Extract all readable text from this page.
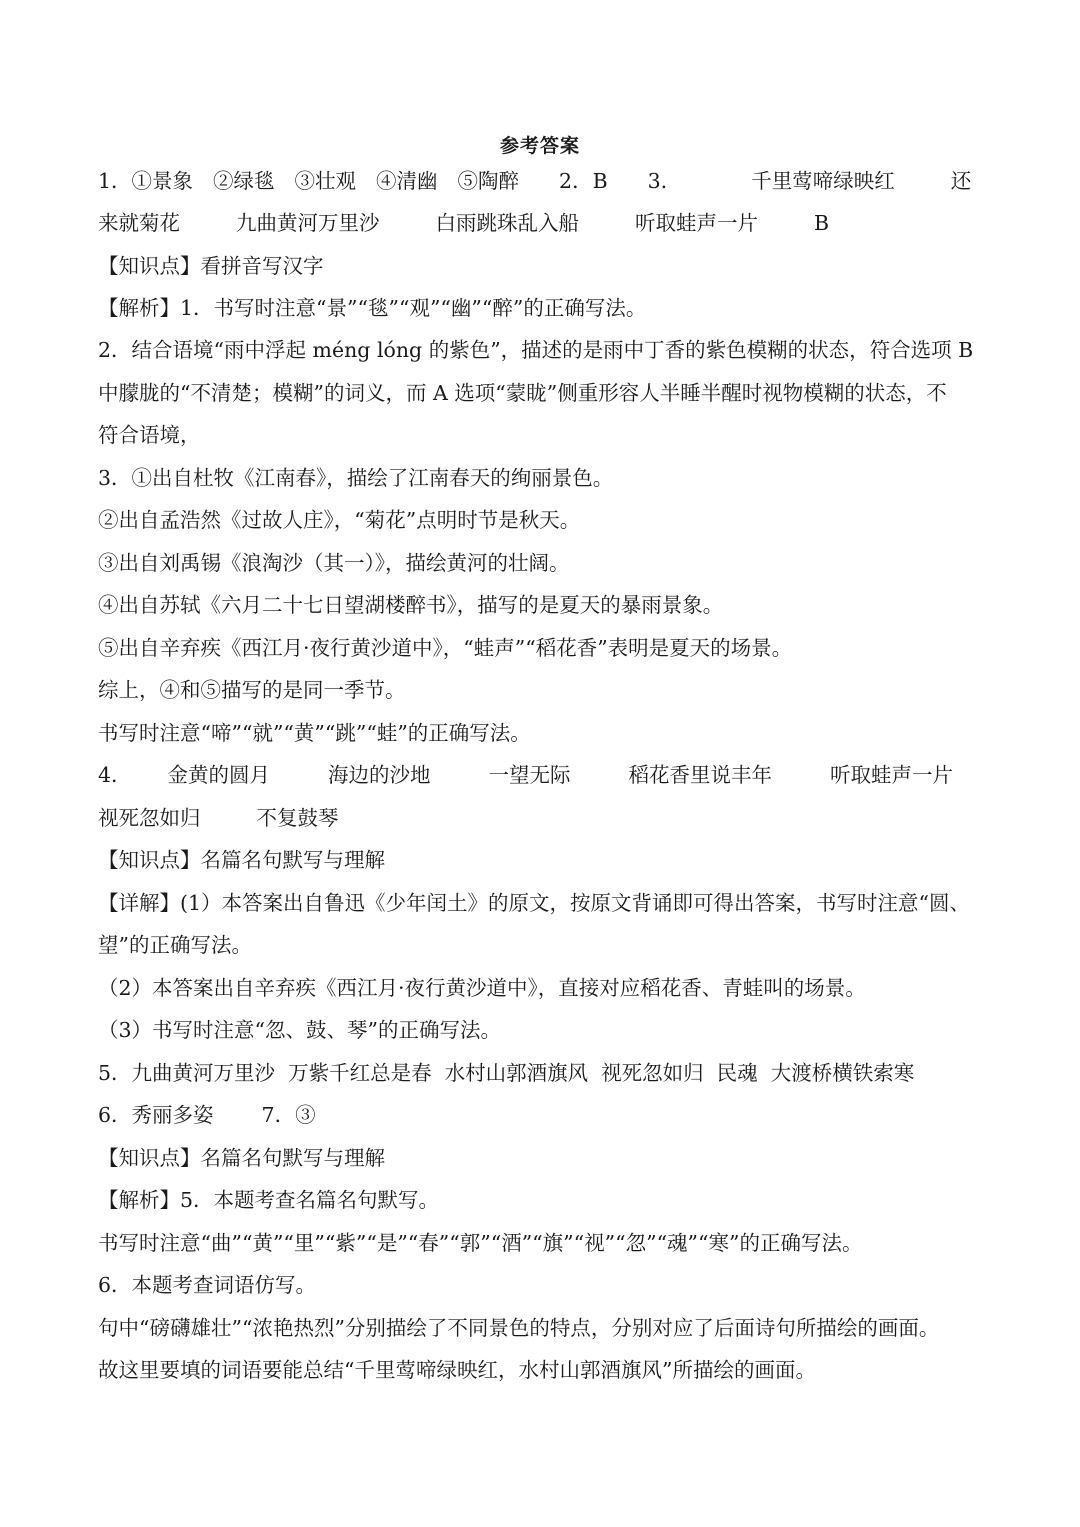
参考答案
1． ①景象 ②绿毯 ③壮观 ④清幽 ⑤陶醉 2．B 3．	千里莺啼绿映红	还
来就菊花	九曲黄河万里沙	白雨跳珠乱入船	听取蛙声一片	B
【知识点】看拼音写汉字
【解析】1．书写时注意“景”“毯”“观”“幽”“醉”的正确写法。
2．结合语境“雨中浮起 méng lóng 的紫色”，描述的是雨中丁香的紫色模糊的状态，符合选项 B
中朦胧的“不清楚；模糊”的词义，而 A 选项“蒙眬”侧重形容人半睡半醒时视物模糊的状态，不
符合语境，
3．①出自杜牧《江南春》，描绘了江南春天的绚丽景色。
②出自孟浩然《过故人庄》，“菊花”点明时节是秋天。
③出自刘禹锡《浪淘沙（其一）》，描绘黄河的壮阔。
④出自苏轼《六月二十七日望湖楼醉书》，描写的是夏天的暴雨景象。
⑤出自辛弃疾《西江月·夜行黄沙道中》，“蛙声”“稻花香”表明是夏天的场景。
综上，④和⑤描写的是同一季节。
书写时注意“啼”“就”“黄”“跳”“蛙”的正确写法。
4． 金黄的圆月	海边的沙地	一望无际	稻花香里说丰年	听取蛙声一片
视死忽如归	不复鼓琴
【知识点】名篇名句默写与理解
【详解】(1）本答案出自鲁迅《少年闰土》的原文，按原文背诵即可得出答案，书写时注意“圆、
望”的正确写法。
（2）本答案出自辛弃疾《西江月·夜行黄沙道中》，直接对应稻花香、青蛙叫的场景。
（3）书写时注意“忽、鼓、琴”的正确写法。
5．九曲黄河万里沙  万紫千红总是春  水村山郭酒旗风  视死忽如归  民魂  大渡桥横铁索寒
6．秀丽多姿 7．③
【知识点】名篇名句默写与理解
【解析】5．本题考查名篇名句默写。
书写时注意“曲”“黄”“里”“紫”“是”“春”“郭”“酒”“旗”“视”“忽”“魂”“寒”的正确写法。
6．本题考查词语仿写。
句中“磅礴雄壮”“浓艳热烈”分别描绘了不同景色的特点，分别对应了后面诗句所描绘的画面。
故这里要填的词语要能总结“千里莺啼绿映红，水村山郭酒旗风”所描绘的画面。
